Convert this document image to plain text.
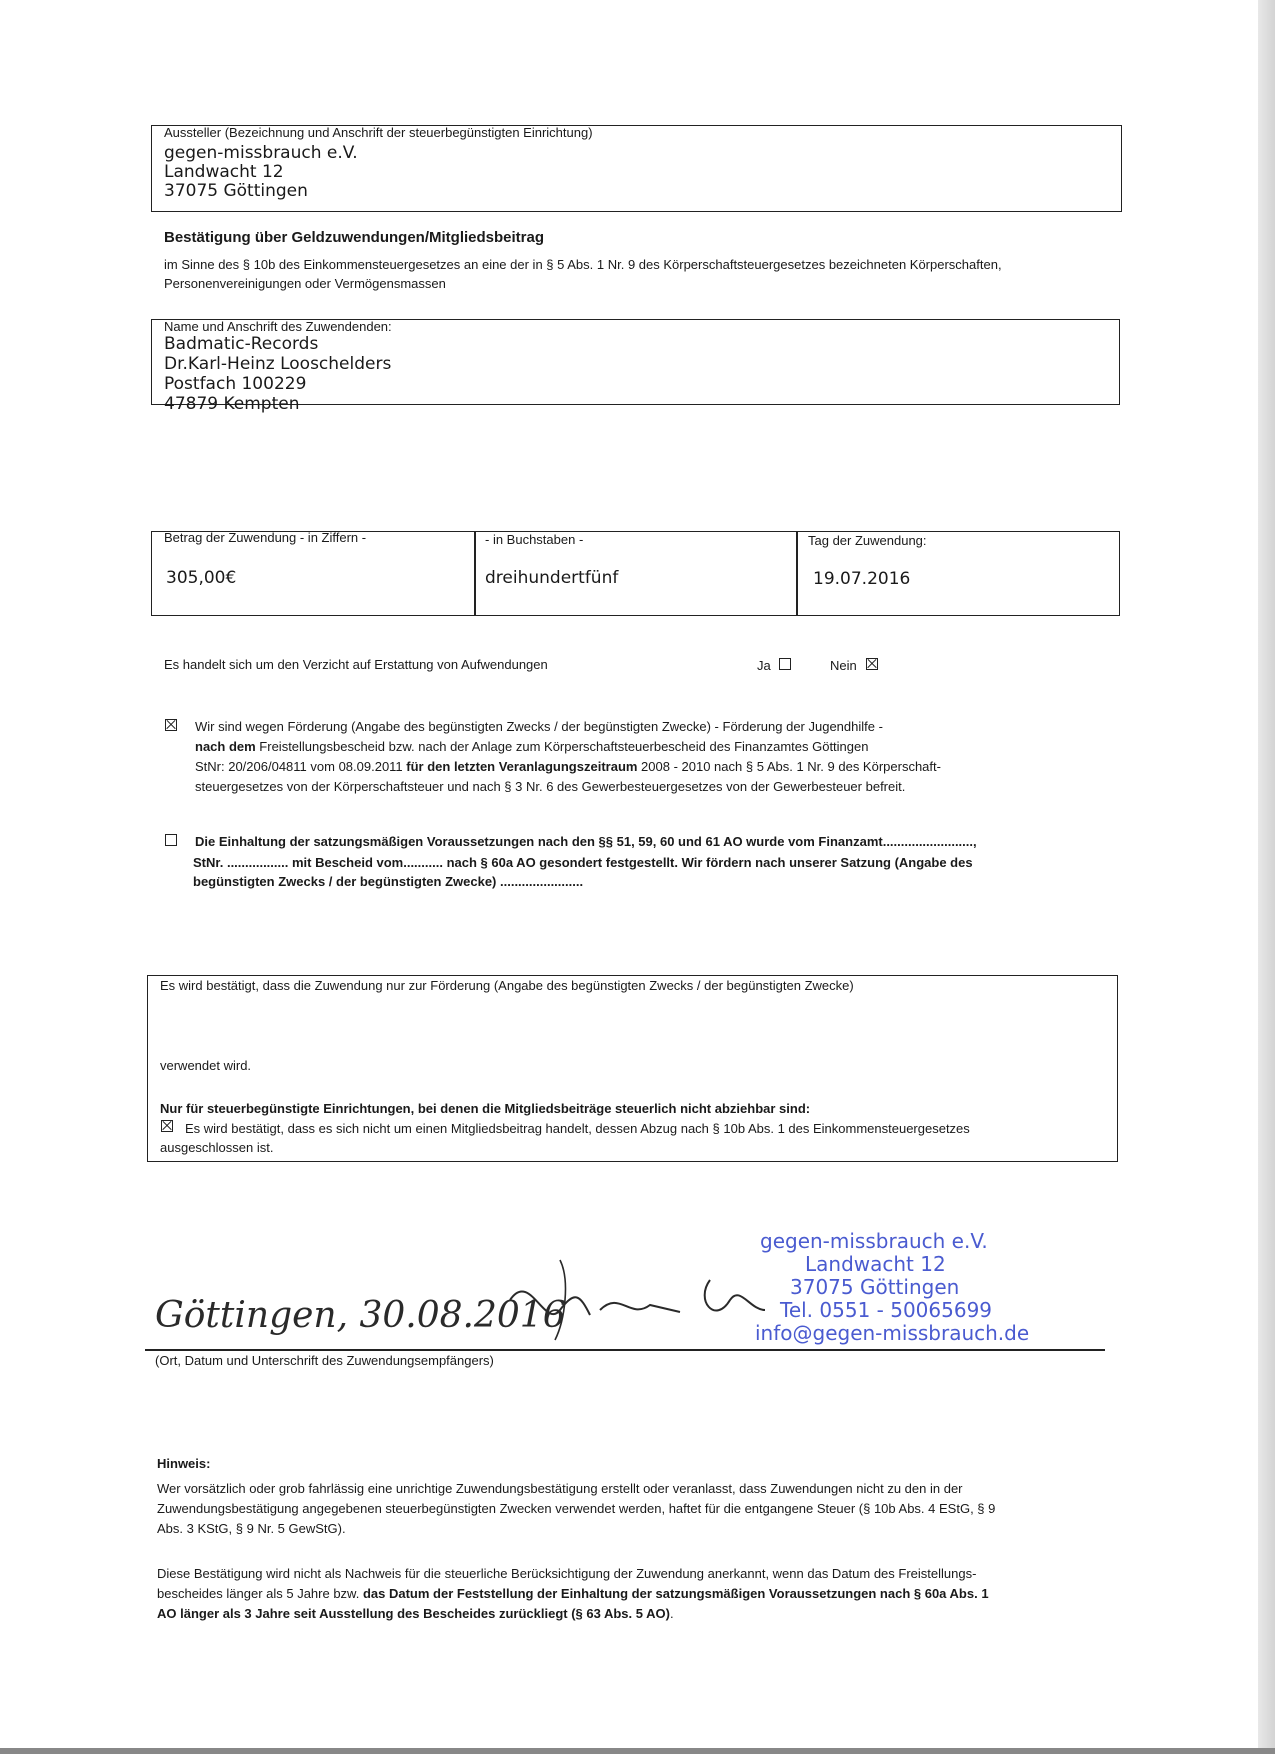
Aussteller (Bezeichnung und Anschrift der steuerbegünstigten Einrichtung)
gegen-missbrauch e.V.
Landwacht 12
37075 Göttingen
Bestätigung über Geldzuwendungen/Mitgliedsbeitrag
im Sinne des § 10b des Einkommensteuergesetzes an eine der in § 5 Abs. 1 Nr. 9 des Körperschaftsteuergesetzes bezeichneten Körperschaften,
Personenvereinigungen oder Vermögensmassen
Name und Anschrift des Zuwendenden:
Badmatic-Records
Dr.Karl-Heinz Looschelders
Postfach 100229
47879 Kempten
Betrag der Zuwendung - in Ziffern -	- in Buchstaben -	Tag der Zuwendung:
305,00€	dreihundertfünf	19.07.2016
Es handelt sich um den Verzicht auf Erstattung von Aufwendungen	Ja	Nein
Wir sind wegen Förderung (Angabe des begünstigten Zwecks / der begünstigten Zwecke) - Förderung der Jugendhilfe -
nach dem Freistellungsbescheid bzw. nach der Anlage zum Körperschaftsteuerbescheid des Finanzamtes Göttingen
StNr: 20/206/04811 vom 08.09.2011 für den letzten Veranlagungszeitraum 2008 - 2010 nach § 5 Abs. 1 Nr. 9 des Körperschaft-
steuergesetzes von der Körperschaftsteuer und nach § 3 Nr. 6 des Gewerbesteuergesetzes von der Gewerbesteuer befreit.
Die Einhaltung der satzungsmäßigen Voraussetzungen nach den §§ 51, 59, 60 und 61 AO wurde vom Finanzamt.........................,
StNr. ................. mit Bescheid vom........... nach § 60a AO gesondert festgestellt. Wir fördern nach unserer Satzung (Angabe des
begünstigten Zwecks / der begünstigten Zwecke) .......................
Es wird bestätigt, dass die Zuwendung nur zur Förderung (Angabe des begünstigten Zwecks / der begünstigten Zwecke)
verwendet wird.
Nur für steuerbegünstigte Einrichtungen, bei denen die Mitgliedsbeiträge steuerlich nicht abziehbar sind:
Es wird bestätigt, dass es sich nicht um einen Mitgliedsbeitrag handelt, dessen Abzug nach § 10b Abs. 1 des Einkommensteuergesetzes
ausgeschlossen ist.
Göttingen, 30.08.2016
(Ort, Datum und Unterschrift des Zuwendungsempfängers)
gegen-missbrauch e.V.
Landwacht 12
37075 Göttingen
Tel. 0551 - 50065699
info@gegen-missbrauch.de
Hinweis:
Wer vorsätzlich oder grob fahrlässig eine unrichtige Zuwendungsbestätigung erstellt oder veranlasst, dass Zuwendungen nicht zu den in der
Zuwendungsbestätigung angegebenen steuerbegünstigten Zwecken verwendet werden, haftet für die entgangene Steuer (§ 10b Abs. 4 EStG, § 9
Abs. 3 KStG, § 9 Nr. 5 GewStG).
Diese Bestätigung wird nicht als Nachweis für die steuerliche Berücksichtigung der Zuwendung anerkannt, wenn das Datum des Freistellungs-
bescheides länger als 5 Jahre bzw. das Datum der Feststellung der Einhaltung der satzungsmäßigen Voraussetzungen nach § 60a Abs. 1
AO länger als 3 Jahre seit Ausstellung des Bescheides zurückliegt (§ 63 Abs. 5 AO).
